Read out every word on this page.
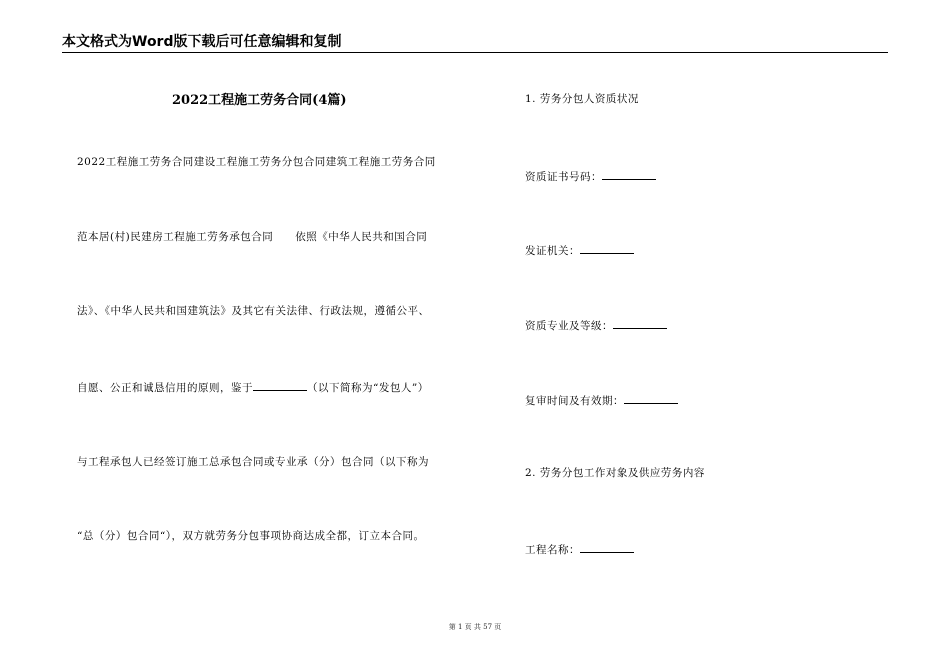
本文格式为Word版下载后可任意编辑和复制
2022工程施工劳务合同(4篇)
2022工程施工劳务合同建设工程施工劳务分包合同建筑工程施工劳务合同
范本居(村)民建房工程施工劳务承包合同　　依照《中华人民共和国合同
法》、《中华人民共和国建筑法》及其它有关法律、行政法规，遵循公平、
自愿、公正和诚恳信用的原则，鉴于	（以下简称为“发包人”）
与工程承包人已经签订施工总承包合同或专业承（分）包合同（以下称为
“总（分）包合同“），双方就劳务分包事项协商达成全都，订立本合同。
1. 劳务分包人资质状况
资质证书号码：
发证机关：
资质专业及等级：
复审时间及有效期：
2. 劳务分包工作对象及供应劳务内容
工程名称：
第 1 页 共 57 页
